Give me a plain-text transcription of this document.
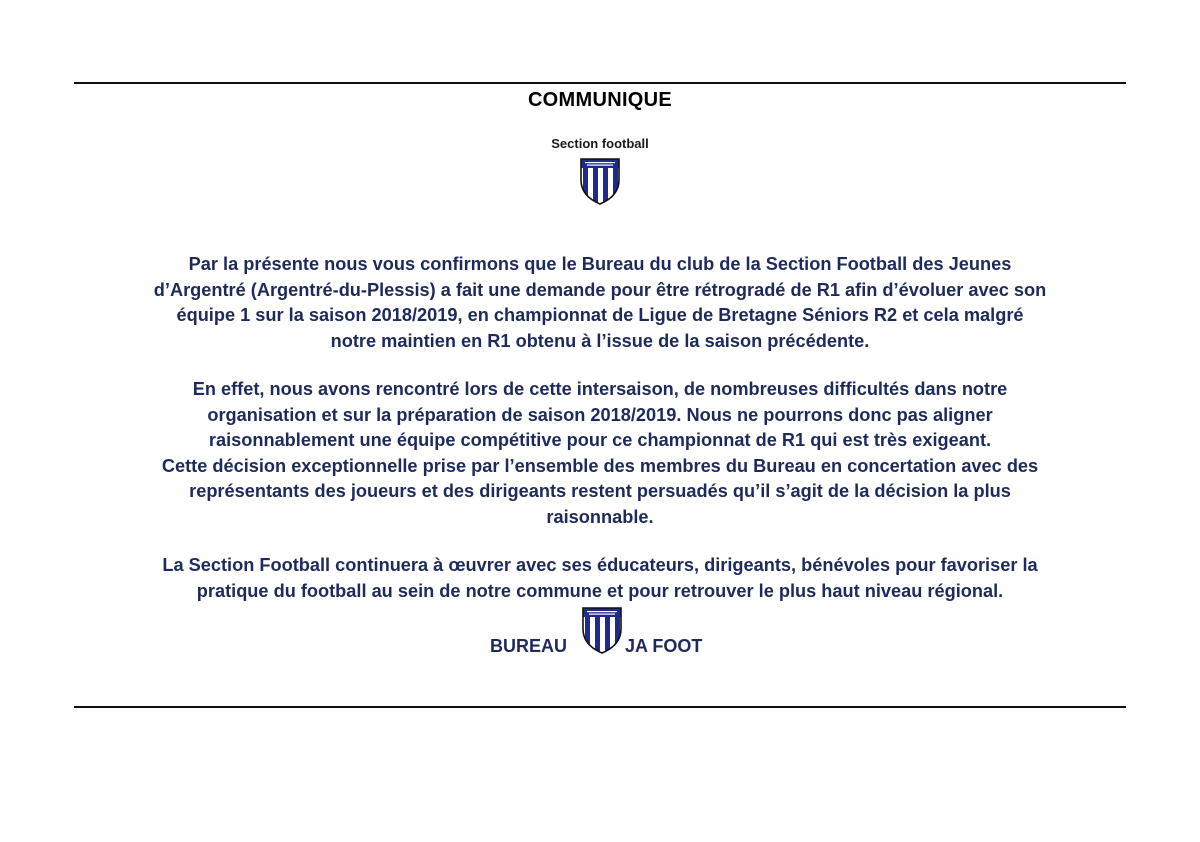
COMMUNIQUE
Section football
Par la présente nous vous confirmons que le Bureau du club de la Section Football des Jeunes
d’Argentré (Argentré-du-Plessis) a fait une demande pour être rétrogradé de R1 afin d’évoluer avec son
équipe 1 sur la saison 2018/2019, en championnat de Ligue de Bretagne Séniors R2 et cela malgré
notre maintien en R1 obtenu à l’issue de la saison précédente.
En effet, nous avons rencontré lors de cette intersaison, de nombreuses difficultés dans notre
organisation et sur la préparation de saison 2018/2019. Nous ne pourrons donc pas aligner
raisonnablement une équipe compétitive pour ce championnat de R1 qui est très exigeant.
Cette décision exceptionnelle prise par l’ensemble des membres du Bureau en concertation avec des
représentants des joueurs et des dirigeants restent persuadés qu’il s’agit de la décision la plus
raisonnable.
La Section Football continuera à œuvrer avec ses éducateurs, dirigeants, bénévoles pour favoriser la
pratique du football au sein de notre commune et pour retrouver le plus haut niveau régional.
BUREAU	JA FOOT
